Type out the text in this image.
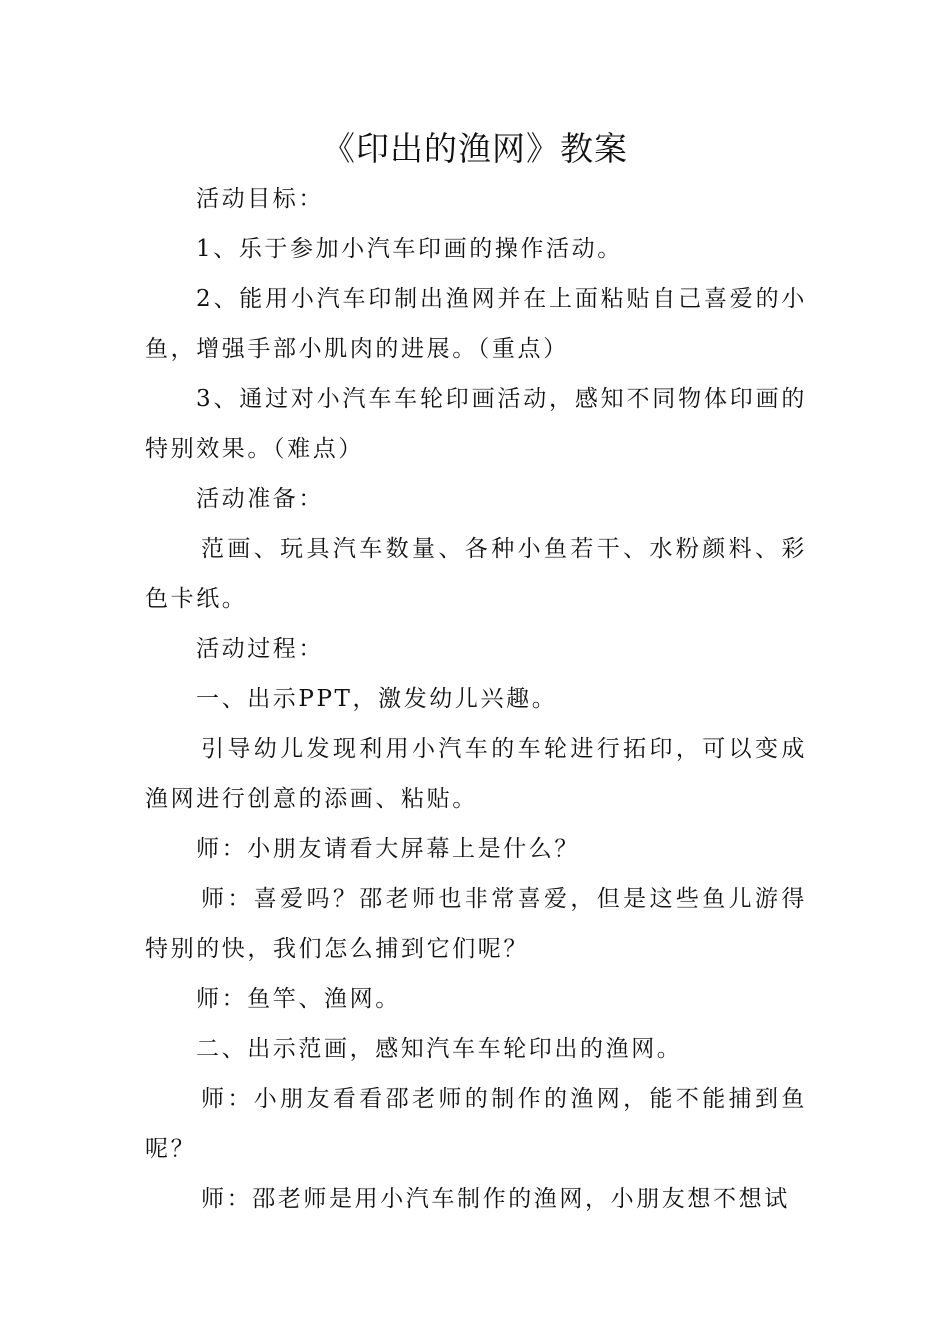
《印出的渔网》教案

活动目标：

1、乐于参加小汽车印画的操作活动。

2、能用小汽车印制出渔网并在上面粘贴自己喜爱的小鱼，增强手部小肌肉的进展。（重点）

3、通过对小汽车车轮印画活动，感知不同物体印画的特别效果。（难点）

活动准备：

范画、玩具汽车数量、各种小鱼若干、水粉颜料、彩色卡纸。

活动过程：

一、出示PPT，激发幼儿兴趣。

引导幼儿发现利用小汽车的车轮进行拓印，可以变成渔网进行创意的添画、粘贴。

师：小朋友请看大屏幕上是什么？

师：喜爱吗？邵老师也非常喜爱，但是这些鱼儿游得特别的快，我们怎么捕到它们呢？

师：鱼竿、渔网。

二、出示范画，感知汽车车轮印出的渔网。

师：小朋友看看邵老师的制作的渔网，能不能捕到鱼呢？

师：邵老师是用小汽车制作的渔网，小朋友想不想试
